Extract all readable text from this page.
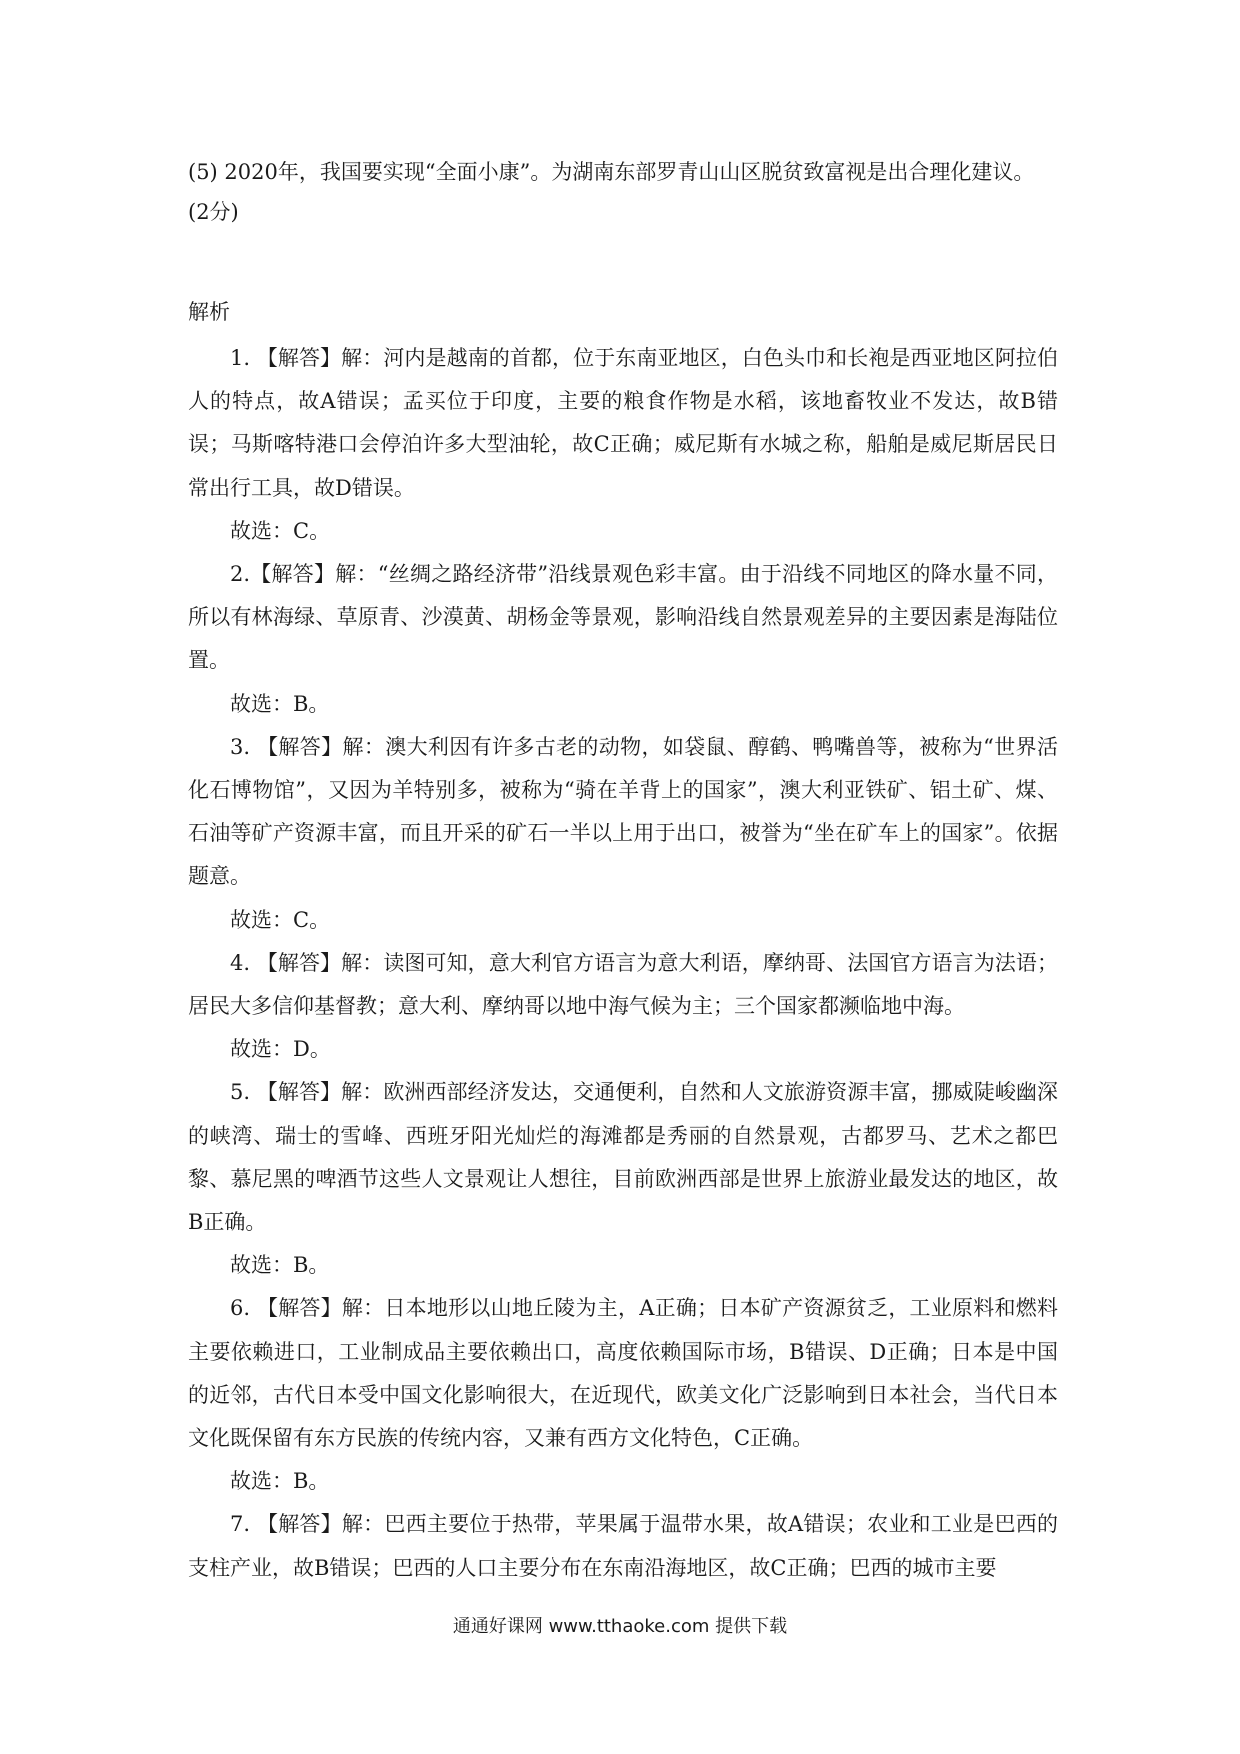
(5) 2020年，我国要实现“全面小康”。为湖南东部罗青山山区脱贫致富视是出合理化建议。

(2分)

解析

1. 【解答】解：河内是越南的首都，位于东南亚地区，白色头巾和长袍是西亚地区阿拉伯人的特点，故A错误；孟买位于印度，主要的粮食作物是水稻，该地畜牧业不发达，故B错误；马斯喀特港口会停泊许多大型油轮，故C正确；威尼斯有水城之称，船舶是威尼斯居民日常出行工具，故D错误。

故选：C。

2.【解答】解：“丝绸之路经济带”沿线景观色彩丰富。由于沿线不同地区的降水量不同，所以有林海绿、草原青、沙漠黄、胡杨金等景观，影响沿线自然景观差异的主要因素是海陆位置。

故选：B。

3. 【解答】解：澳大利因有许多古老的动物，如袋鼠、醇鹤、鸭嘴兽等，被称为“世界活化石博物馆”，又因为羊特别多，被称为“骑在羊背上的国家”，澳大利亚铁矿、铝土矿、煤、石油等矿产资源丰富，而且开采的矿石一半以上用于出口，被誉为“坐在矿车上的国家”。依据题意。

故选：C。

4. 【解答】解：读图可知，意大利官方语言为意大利语，摩纳哥、法国官方语言为法语；居民大多信仰基督教；意大利、摩纳哥以地中海气候为主；三个国家都濒临地中海。

故选：D。

5. 【解答】解：欧洲西部经济发达，交通便利，自然和人文旅游资源丰富，挪威陡峻幽深的峡湾、瑞士的雪峰、西班牙阳光灿烂的海滩都是秀丽的自然景观，古都罗马、艺术之都巴黎、慕尼黑的啤酒节这些人文景观让人想往，目前欧洲西部是世界上旅游业最发达的地区，故B正确。

故选：B。

6. 【解答】解：日本地形以山地丘陵为主，A正确；日本矿产资源贫乏，工业原料和燃料主要依赖进口，工业制成品主要依赖出口，高度依赖国际市场，B错误、D正确；日本是中国的近邻，古代日本受中国文化影响很大，在近现代，欧美文化广泛影响到日本社会，当代日本文化既保留有东方民族的传统内容，又兼有西方文化特色，C正确。

故选：B。

7. 【解答】解：巴西主要位于热带，苹果属于温带水果，故A错误；农业和工业是巴西的支柱产业，故B错误；巴西的人口主要分布在东南沿海地区，故C正确；巴西的城市主要

通通好课网 www.tthaoke.com 提供下载
